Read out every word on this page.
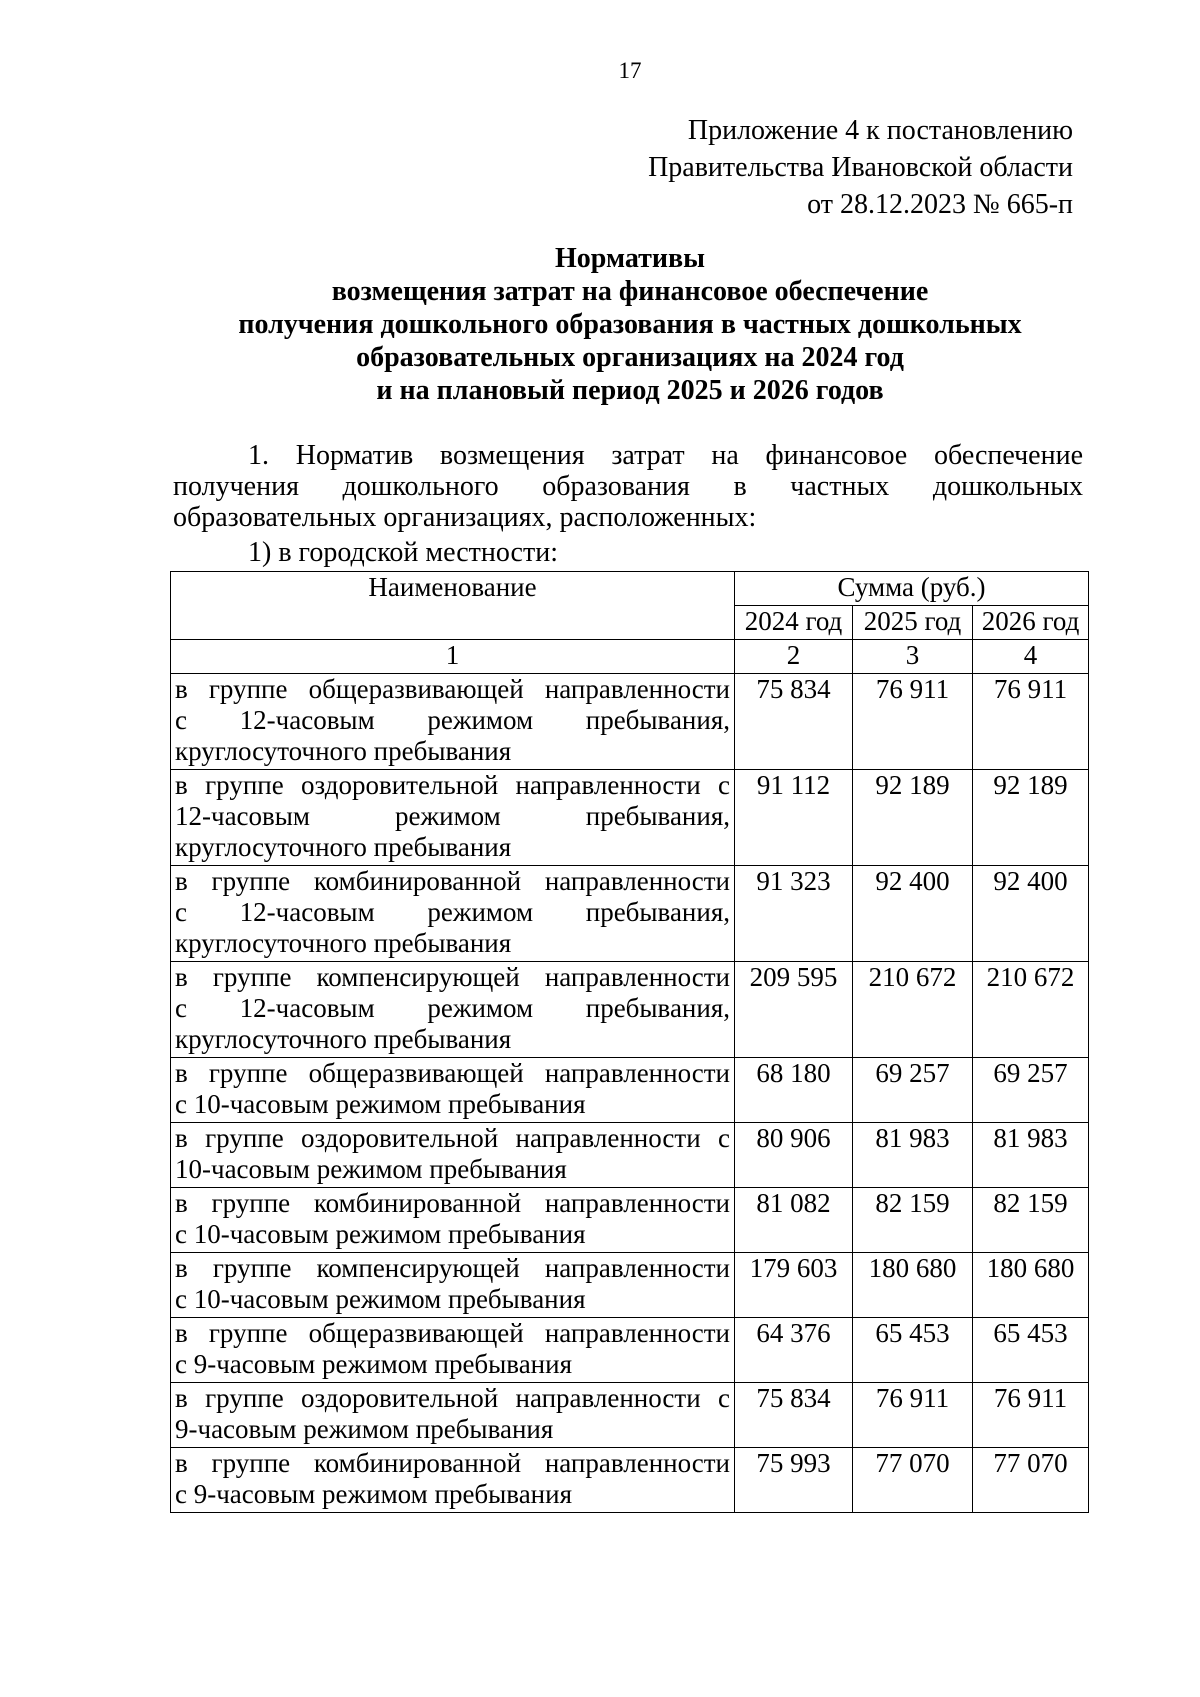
17
Приложение 4 к постановлению
Правительства Ивановской области
от 28.12.2023 № 665-п
Нормативы
возмещения затрат на финансовое обеспечение
получения дошкольного образования в частных дошкольных
образовательных организациях на 2024 год
и на плановый период 2025 и 2026 годов
1. Норматив возмещения затрат на финансовое обеспечение
получения дошкольного образования в частных дошкольных
образовательных организациях, расположенных:
1) в городской местности:
Наименование	Сумма (руб.)		
	2024 год	2025 год	2026 год
1	2	3	4

в группе общеразвивающей направленности
с 12-часовым режимом пребывания,
круглосуточного пребывания	75 834	76 911	76 911

в группе оздоровительной направленности с
12-часовым режимом пребывания,
круглосуточного пребывания	91 112	92 189	92 189

в группе комбинированной направленности
с 12-часовым режимом пребывания,
круглосуточного пребывания	91 323	92 400	92 400

в группе компенсирующей направленности
с 12-часовым режимом пребывания,
круглосуточного пребывания	209 595	210 672	210 672

в группе общеразвивающей направленности
с 10-часовым режимом пребывания	68 180	69 257	69 257

в группе оздоровительной направленности с
10-часовым режимом пребывания	80 906	81 983	81 983

в группе комбинированной направленности
с 10-часовым режимом пребывания	81 082	82 159	82 159

в группе компенсирующей направленности
с 10-часовым режимом пребывания	179 603	180 680	180 680

в группе общеразвивающей направленности
с 9-часовым режимом пребывания	64 376	65 453	65 453

в группе оздоровительной направленности с
9-часовым режимом пребывания	75 834	76 911	76 911

в группе комбинированной направленности
с 9-часовым режимом пребывания	75 993	77 070	77 070
